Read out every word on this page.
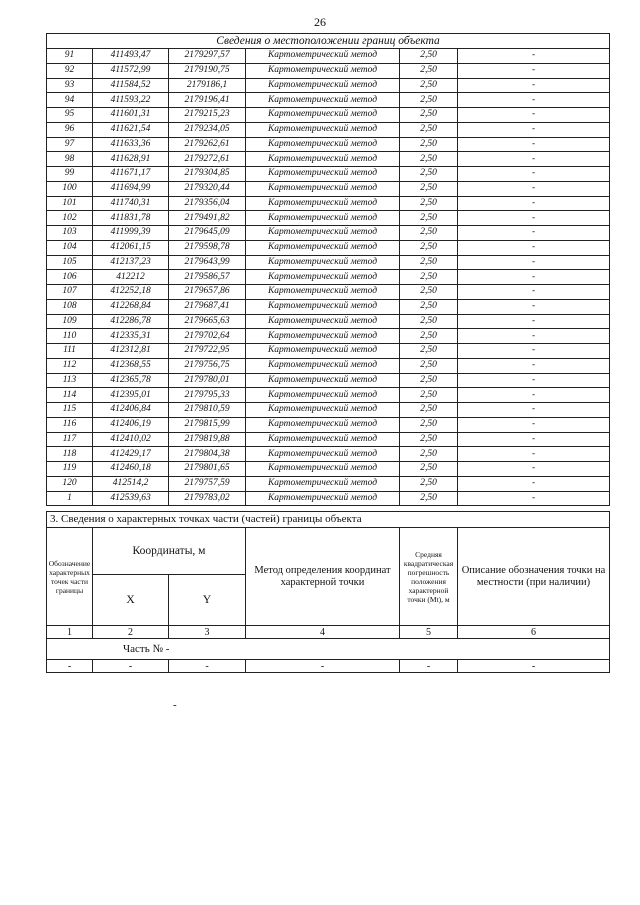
26
Сведения о местоположении границ объекта					
91	411493,47	2179297,57	Картометрический метод	2,50	-
92	411572,99	2179190,75	Картометрический метод	2,50	-
93	411584,52	2179186,1	Картометрический метод	2,50	-
94	411593,22	2179196,41	Картометрический метод	2,50	-
95	411601,31	2179215,23	Картометрический метод	2,50	-
96	411621,54	2179234,05	Картометрический метод	2,50	-
97	411633,36	2179262,61	Картометрический метод	2,50	-
98	411628,91	2179272,61	Картометрический метод	2,50	-
99	411671,17	2179304,85	Картометрический метод	2,50	-
100	411694,99	2179320,44	Картометрический метод	2,50	-
101	411740,31	2179356,04	Картометрический метод	2,50	-
102	411831,78	2179491,82	Картометрический метод	2,50	-
103	411999,39	2179645,09	Картометрический метод	2,50	-
104	412061,15	2179598,78	Картометрический метод	2,50	-
105	412137,23	2179643,99	Картометрический метод	2,50	-
106	412212	2179586,57	Картометрический метод	2,50	-
107	412252,18	2179657,86	Картометрический метод	2,50	-
108	412268,84	2179687,41	Картометрический метод	2,50	-
109	412286,78	2179665,63	Картометрический метод	2,50	-
110	412335,31	2179702,64	Картометрический метод	2,50	-
111	412312,81	2179722,95	Картометрический метод	2,50	-
112	412368,55	2179756,75	Картометрический метод	2,50	-
113	412365,78	2179780,01	Картометрический метод	2,50	-
114	412395,01	2179795,33	Картометрический метод	2,50	-
115	412406,84	2179810,59	Картометрический метод	2,50	-
116	412406,19	2179815,99	Картометрический метод	2,50	-
117	412410,02	2179819,88	Картометрический метод	2,50	-
118	412429,17	2179804,38	Картометрический метод	2,50	-
119	412460,18	2179801,65	Картометрический метод	2,50	-
120	412514,2	2179757,59	Картометрический метод	2,50	-
1	412539,63	2179783,02	Картометрический метод	2,50	-
3. Сведения о характерных точках части (частей) границы объекта					
Обозначение характерных точек части границы	Координаты, м		Метод определения координат характерной точки	Средняя квадратическая погрешность положения характерной точки (Мt), м	Описание обозначения точки на местности (при наличии)
	X	Y			
1	2	3	4	5	6
Часть № -					
-	-	-	-	-	-
-
